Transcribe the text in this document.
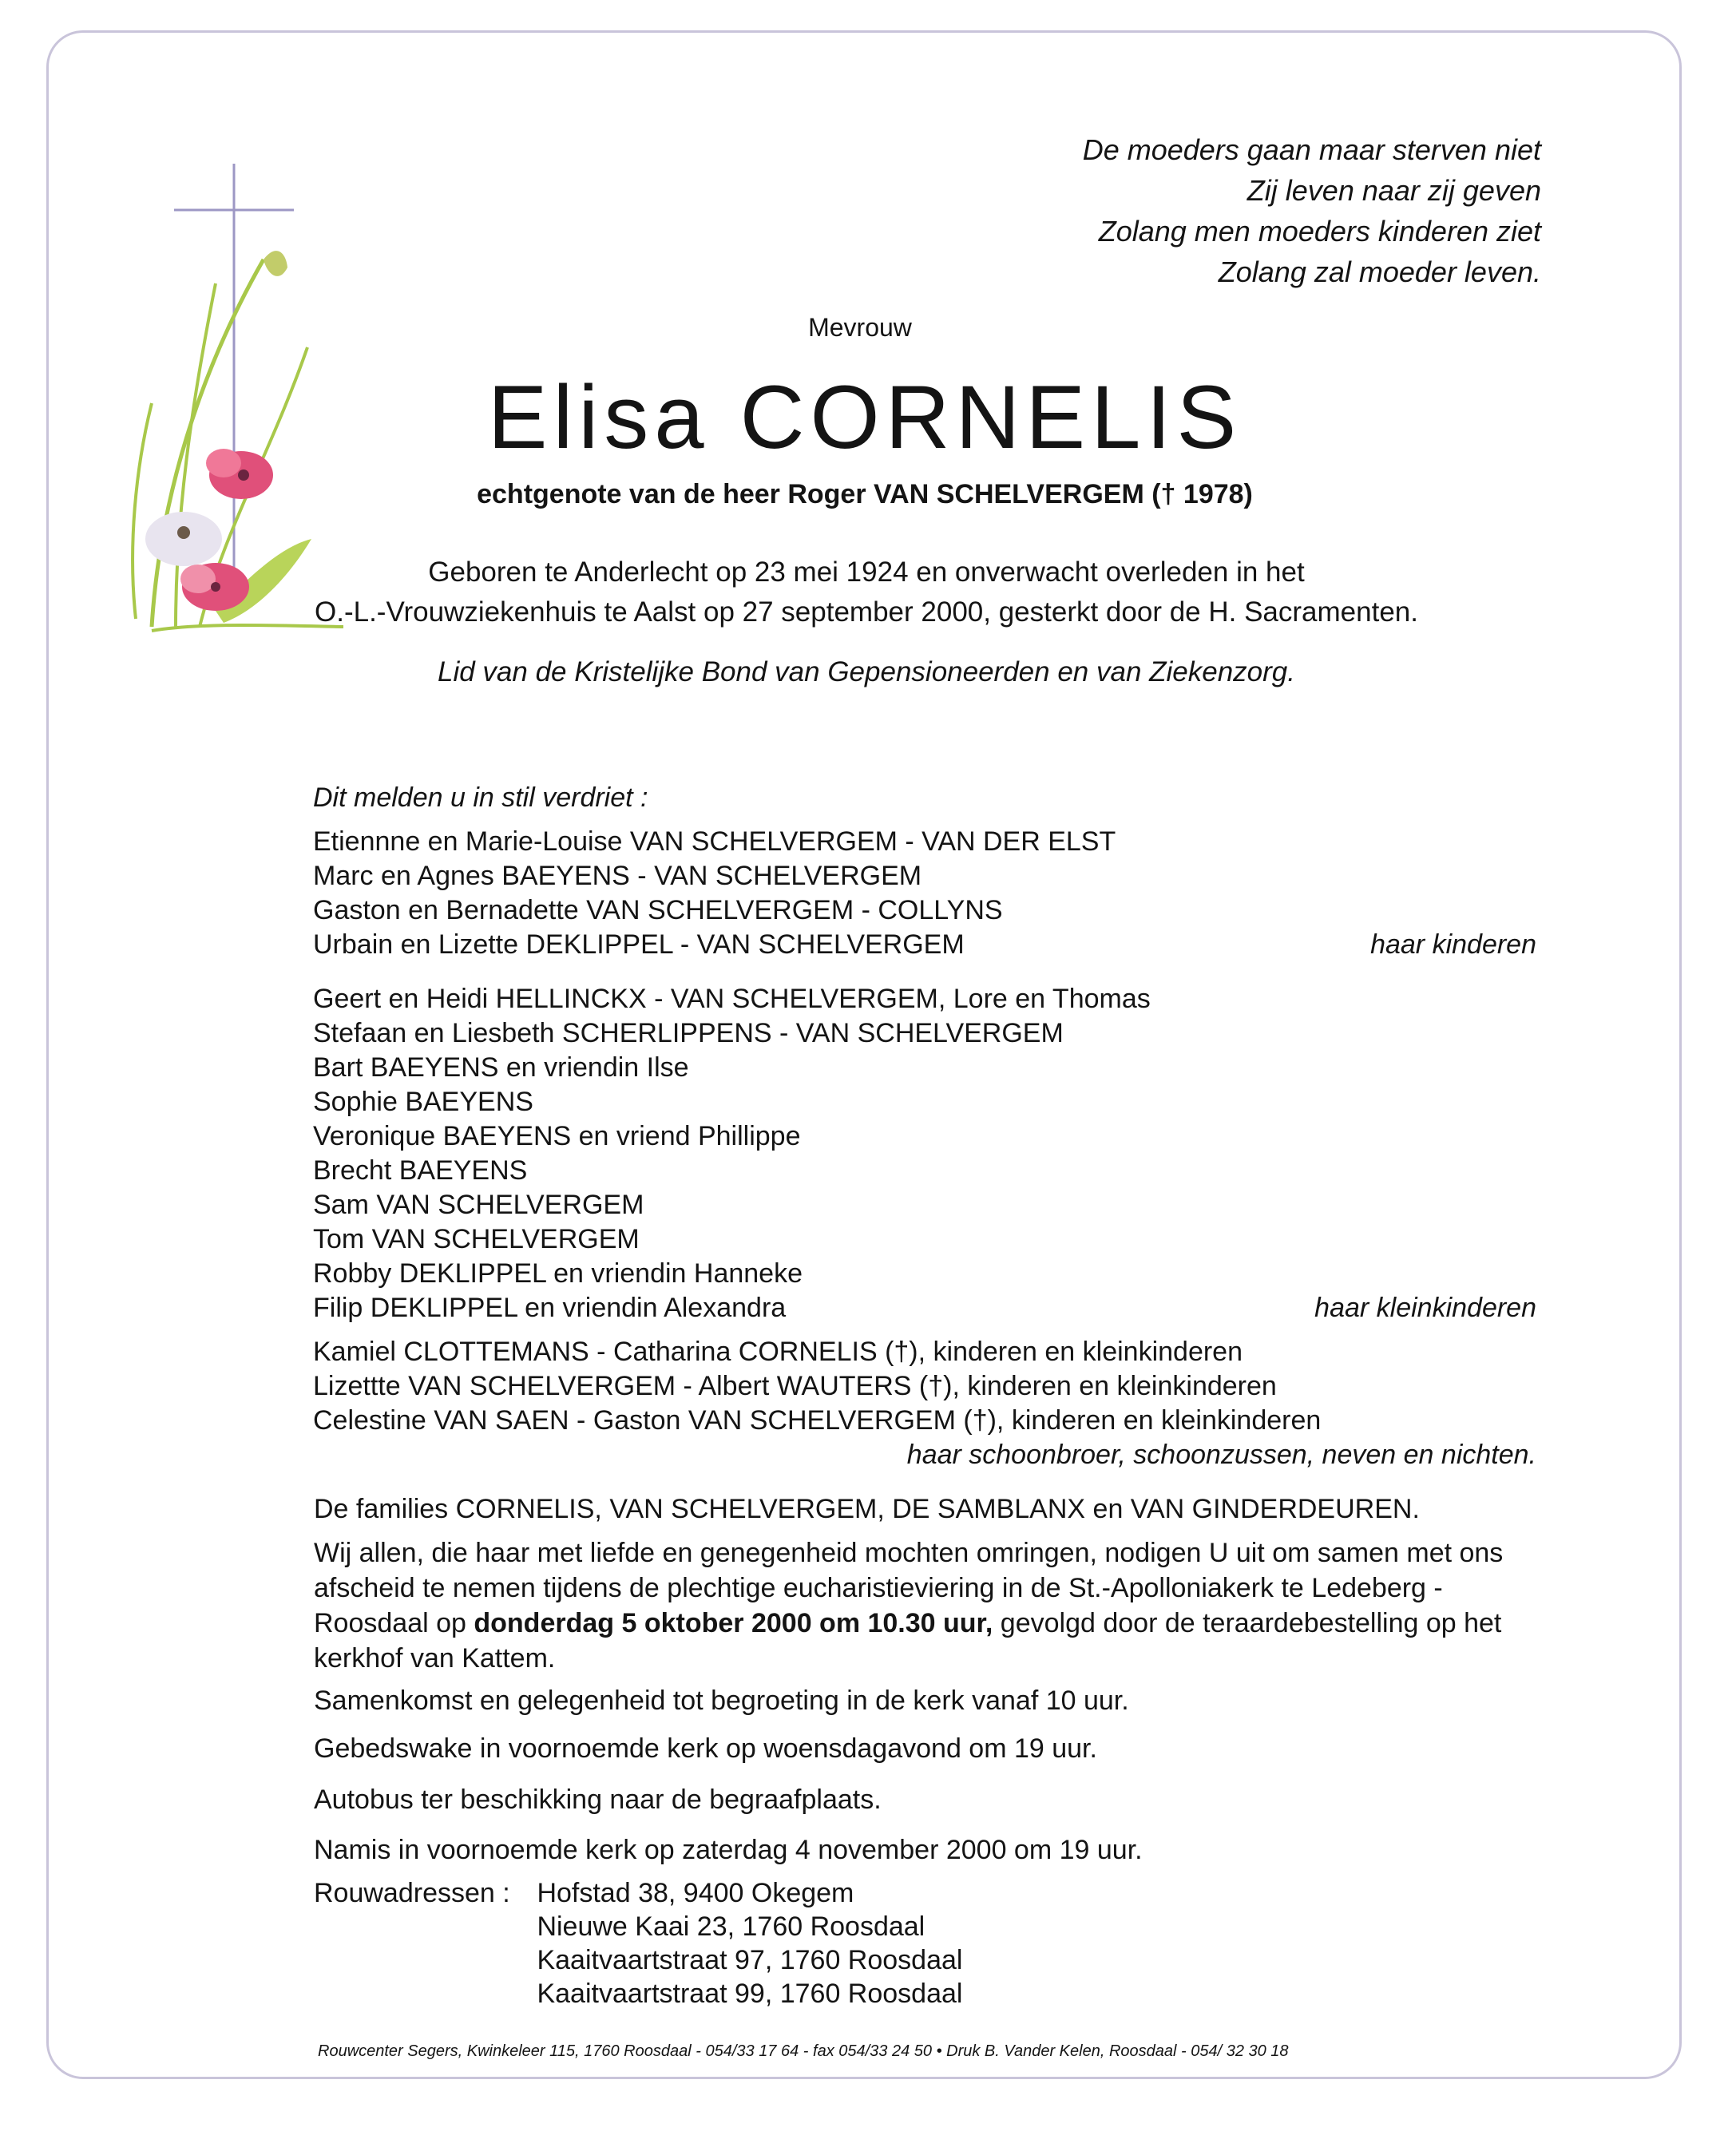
De moeders gaan maar sterven niet
Zij leven naar zij geven
Zolang men moeders kinderen ziet
Zolang zal moeder leven.
Mevrouw
Elisa CORNELIS
echtgenote van de heer Roger VAN SCHELVERGEM († 1978)
Geboren te Anderlecht op 23 mei 1924 en onverwacht overleden in het
O.-L.-Vrouwziekenhuis te Aalst op 27 september 2000, gesterkt door de H. Sacramenten.
Lid van de Kristelijke Bond van Gepensioneerden en van Ziekenzorg.
Dit melden u in stil verdriet :
Etiennne en Marie-Louise VAN SCHELVERGEM - VAN DER ELST
Marc en Agnes BAEYENS - VAN SCHELVERGEM
Gaston en Bernadette VAN SCHELVERGEM - COLLYNS
Urbain en Lizette DEKLIPPEL - VAN SCHELVERGEM	haar kinderen
Geert en Heidi HELLINCKX - VAN SCHELVERGEM, Lore en Thomas
Stefaan en Liesbeth SCHERLIPPENS - VAN SCHELVERGEM
Bart BAEYENS en vriendin Ilse
Sophie BAEYENS
Veronique BAEYENS en vriend Phillippe
Brecht BAEYENS
Sam VAN SCHELVERGEM
Tom VAN SCHELVERGEM
Robby DEKLIPPEL en vriendin Hanneke
Filip DEKLIPPEL en vriendin Alexandra	haar kleinkinderen
Kamiel CLOTTEMANS - Catharina CORNELIS (†), kinderen en kleinkinderen
Lizettte VAN SCHELVERGEM - Albert WAUTERS (†), kinderen en kleinkinderen
Celestine VAN SAEN - Gaston VAN SCHELVERGEM (†), kinderen en kleinkinderen
haar schoonbroer, schoonzussen, neven en nichten.
De families CORNELIS, VAN SCHELVERGEM, DE SAMBLANX en VAN GINDERDEUREN.
Wij allen, die haar met liefde en genegenheid mochten omringen, nodigen U uit om samen met ons afscheid te nemen tijdens de plechtige eucharistieviering in de St.-Apolloniakerk te Ledeberg - Roosdaal op donderdag 5 oktober 2000 om 10.30 uur, gevolgd door de teraardebestelling op het kerkhof van Kattem.
Samenkomst en gelegenheid tot begroeting in de kerk vanaf 10 uur.
Gebedswake in voornoemde kerk op woensdagavond om 19 uur.
Autobus ter beschikking naar de begraafplaats.
Namis in voornoemde kerk op zaterdag 4 november 2000 om 19 uur.
Rouwadressen : Hofstad 38, 9400 Okegem
Nieuwe Kaai 23, 1760 Roosdaal
Kaaitvaartstraat 97, 1760 Roosdaal
Kaaitvaartstraat 99, 1760 Roosdaal
Rouwcenter Segers, Kwinkeleer 115, 1760 Roosdaal - 054/33 17 64 - fax 054/33 24 50 • Druk B. Vander Kelen, Roosdaal - 054/ 32 30 18
